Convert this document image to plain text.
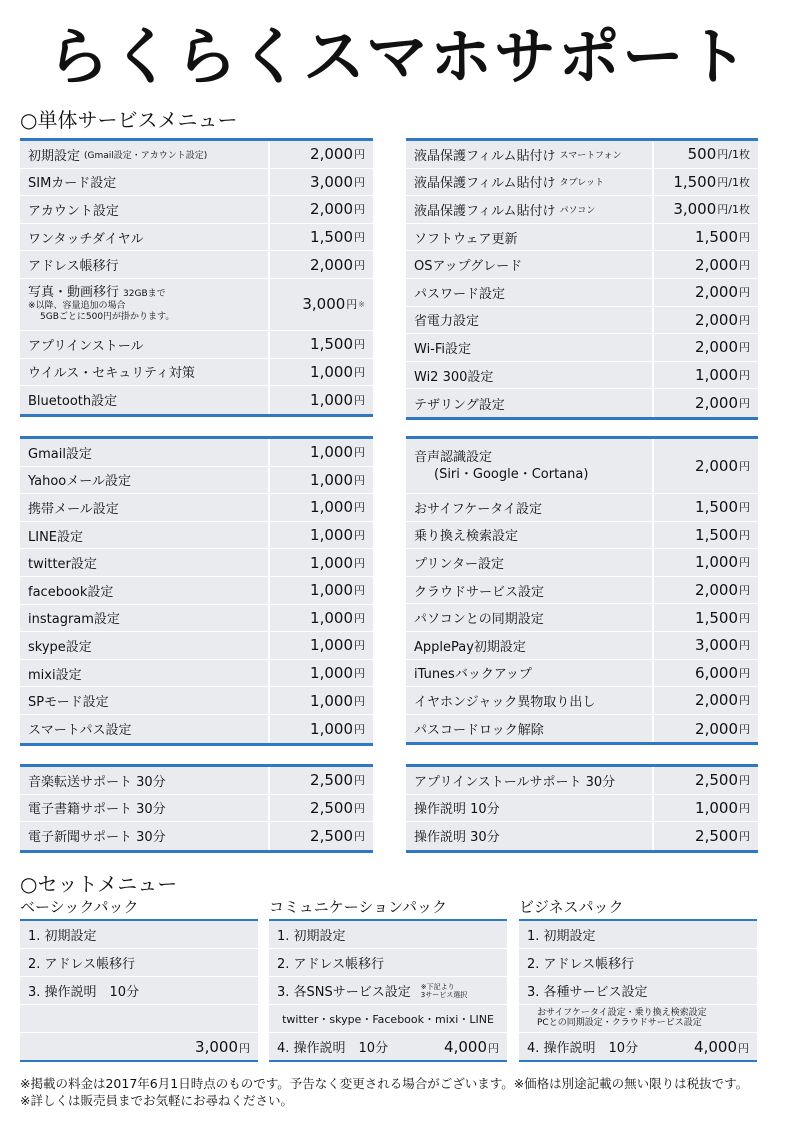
らくらくスマホサポート
○単体サービスメニュー
初期設定 (Gmail設定・アカウント設定)	2,000 円
SIMカード設定	3,000 円
アカウント設定	2,000 円
ワンタッチダイヤル	1,500 円
アドレス帳移行	2,000 円
写真・動画移行 32GBまで
※以降、容量追加の場合
5GBごとに500円が掛かります。
3,000 円 ※
アプリインストール	1,500 円
ウイルス・セキュリティ対策	1,000 円
Bluetooth設定	1,000 円
液晶保護フィルム貼付け スマートフォン	500 円 /1枚
液晶保護フィルム貼付け タブレット	1,500 円 /1枚
液晶保護フィルム貼付け パソコン	3,000 円 /1枚
ソフトウェア更新	1,500 円
OSアップグレード	2,000 円
パスワード設定	2,000 円
省電力設定	2,000 円
Wi-Fi設定	2,000 円
Wi2 300設定	1,000 円
テザリング設定	2,000 円
Gmail設定	1,000 円
Yahooメール設定	1,000 円
携帯メール設定	1,000 円
LINE設定	1,000 円
twitter設定	1,000 円
facebook設定	1,000 円
instagram設定	1,000 円
skype設定	1,000 円
mixi設定	1,000 円
SPモード設定	1,000 円
スマートパス設定	1,000 円
音声認識設定
(Siri・Google・Cortana)	2,000 円
おサイフケータイ設定	1,500 円
乗り換え検索設定	1,500 円
プリンター設定	1,000 円
クラウドサービス設定	2,000 円
パソコンとの同期設定	1,500 円
ApplePay初期設定	3,000 円
iTunesバックアップ	6,000 円
イヤホンジャック異物取り出し	2,000 円
パスコードロック解除	2,000 円
音楽転送サポート 30分	2,500 円
電子書籍サポート 30分	2,500 円
電子新聞サポート 30分	2,500 円
アプリインストールサポート 30分	2,500 円
操作説明 10分	1,000 円
操作説明 30分	2,500 円
○セットメニュー
ベーシックパック	コミュニケーションパック	ビジネスパック
1. 初期設定
2. アドレス帳移行
3. 操作説明　10分
3,000円
1. 初期設定
2. アドレス帳移行
3. 各SNSサービス設定 ※下記より
3サービス選択
twitter・skype・Facebook・mixi・LINE
4. 操作説明　10分	4,000円
1. 初期設定
2. アドレス帳移行
3. 各種サービス設定
おサイフケータイ設定・乗り換え検索設定
PCとの同期設定・クラウドサービス設定
4. 操作説明　10分	4,000円
※掲載の料金は2017年6月1日時点のものです。予告なく変更される場合がございます。※価格は別途記載の無い限りは税抜です。
※詳しくは販売員までお気軽にお尋ねください。
